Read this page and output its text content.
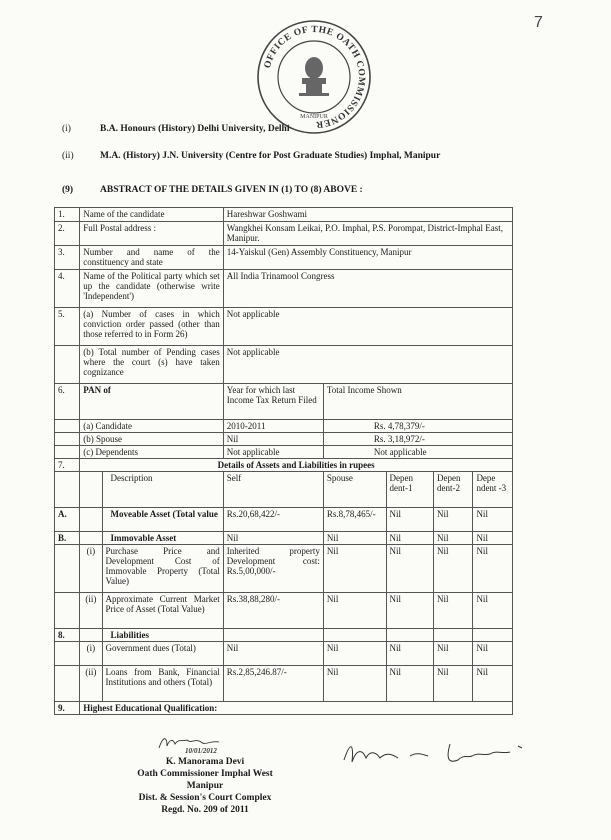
7
OFFICE OF THE OATH COMMISSIONER
MANIPUR
(i)	B.A. Honours (History) Delhi University, Delhi
(ii)	M.A. (History) J.N. University (Centre for Post Graduate Studies) Imphal, Manipur
(9)	ABSTRACT OF THE DETAILS GIVEN IN (1) TO (8) ABOVE :
1.	Name of the candidate		Hareshwar Goshwami				
2.	Full Postal address :		Wangkhei Konsam Leikai, P.O. Imphal, P.S. Porompat, District-Imphal East, Manipur.				
3.	Number and name of the constituency and state		14-Yaiskul (Gen) Assembly Constituency, Manipur				
4.	Name of the Political party which set up the candidate (otherwise write 'Independent')		All India Trinamool Congress				
5.	(a) Number of cases in which conviction order passed (other than those referred to in Form 26)		Not applicable				
	(b) Total number of Pending cases where the court (s) have taken cognizance		Not applicable				
6.	PAN of		Year for which last Income Tax Return Filed	Total Income Shown			
	(a) Candidate		2010-2011	Rs. 4,78,379/-			
	(b) Spouse		Nil	Rs. 3,18,972/-			
	(c) Dependents		Not applicable	Not applicable			
7.	Details of Assets and Liabilities in rupees						
		Description	Self	Spouse	Depen dent-1	Depen dent-2	Depe ndent -3
A.		Moveable Asset (Total value	Rs.20,68,422/-	Rs.8,78,465/-	Nil	Nil	Nil
B.		Immovable Asset	Nil	Nil	Nil	Nil	Nil
	(i)	Purchase Price and Development Cost of Immovable Property (Total Value)	Inherited property Development cost: Rs.5,00,000/-	Nil	Nil	Nil	Nil
	(ii)	Approximate Current Market Price of Asset (Total Value)	Rs.38,88,280/-	Nil	Nil	Nil	Nil
8.		Liabilities					
	(i)	Government dues (Total)	Nil	Nil	Nil	Nil	Nil
	(ii)	Loans from Bank, Financial Institutions and others (Total)	Rs.2,85,246.87/-	Nil	Nil	Nil	Nil
9.	Highest Educational Qualification:						
10/01/2012
K. Manorama Devi
Oath Commissioner Imphal West
Manipur
Dist. & Session's Court Complex
Regd. No. 209 of 2011
